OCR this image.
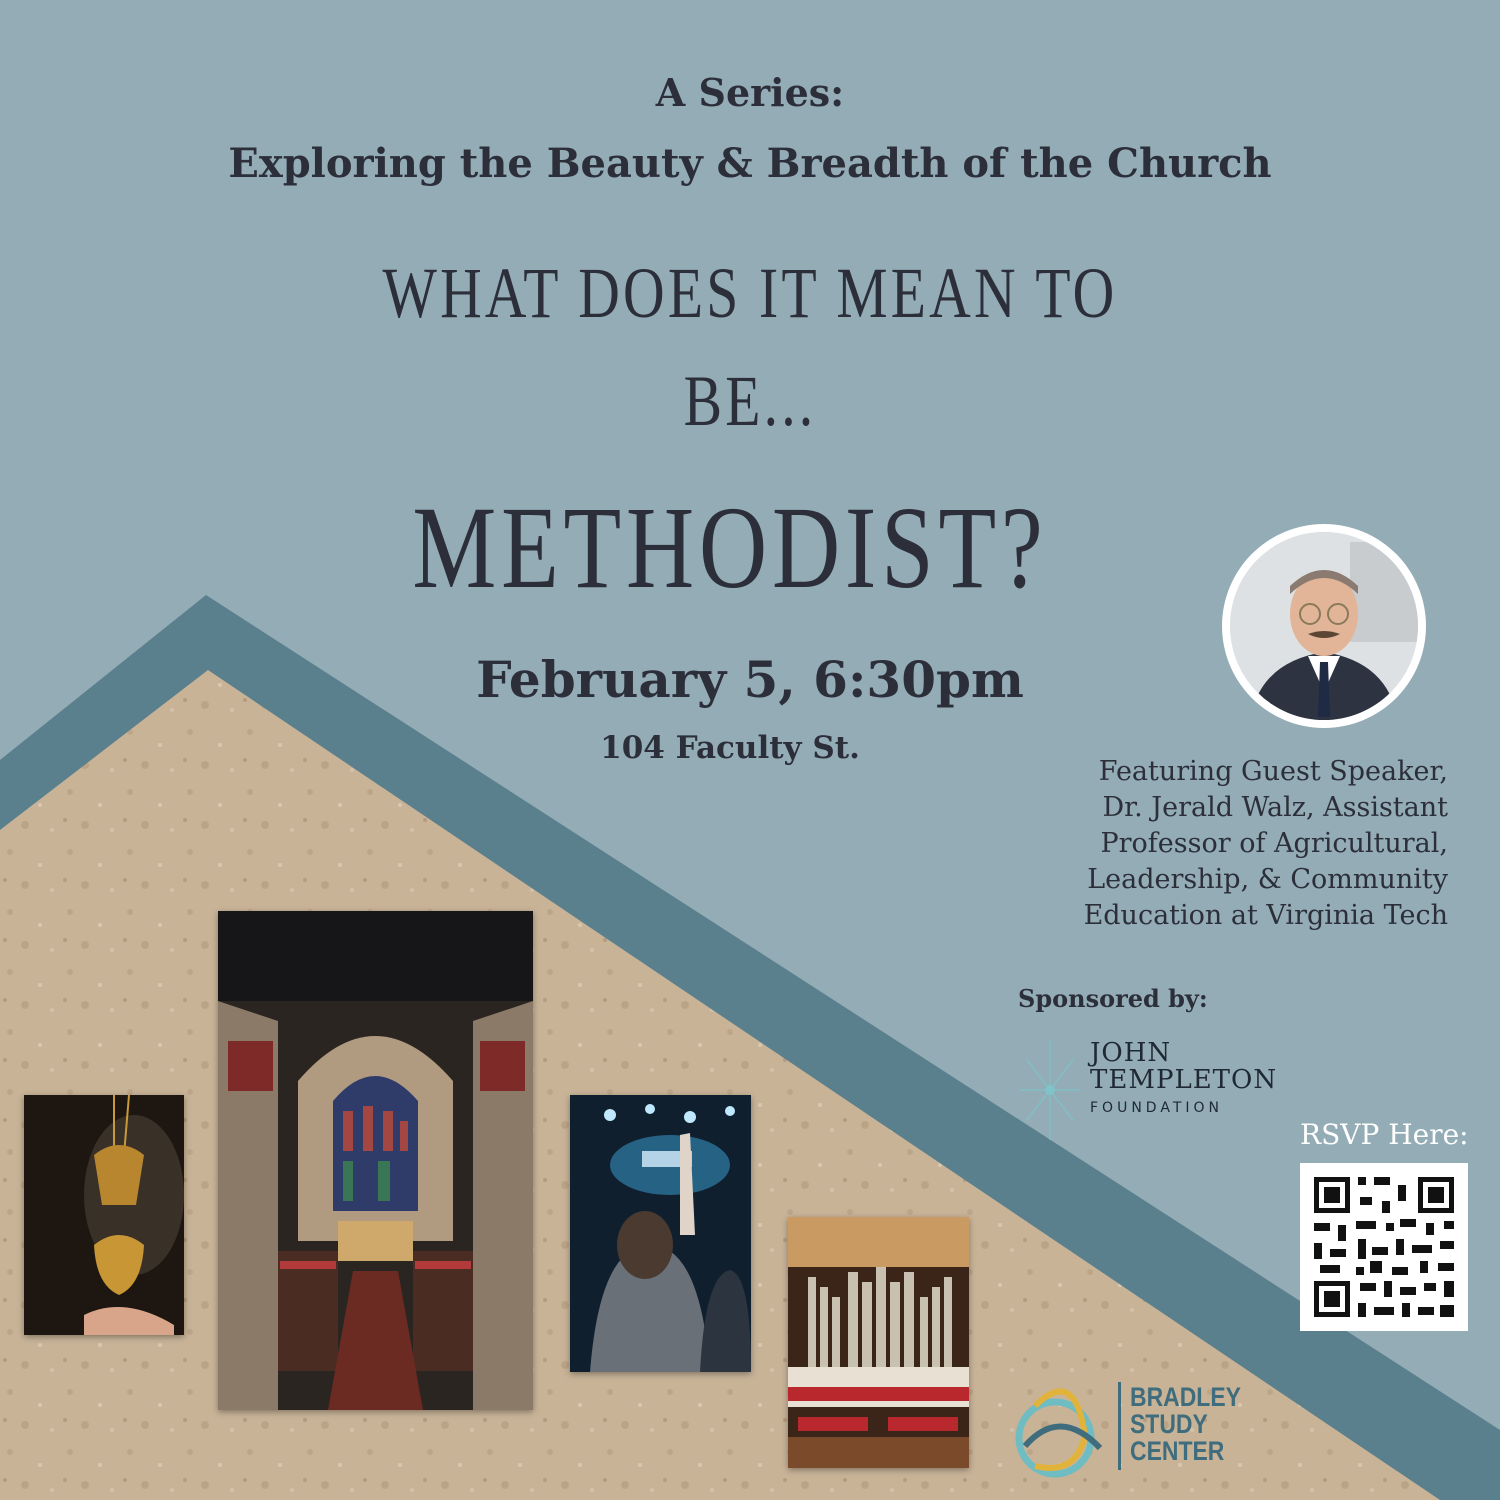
A Series:
Exploring the Beauty & Breadth of the Church
WHAT DOES IT MEAN TO
BE...
METHODIST?
February 5, 6:30pm
104 Faculty St.
Featuring Guest Speaker,
Dr. Jerald Walz, Assistant
Professor of Agricultural,
Leadership, & Community
Education at Virginia Tech
Sponsored by:
JOHN
TEMPLETON
FOUNDATION
RSVP Here:
BRADLEY
STUDY
CENTER
